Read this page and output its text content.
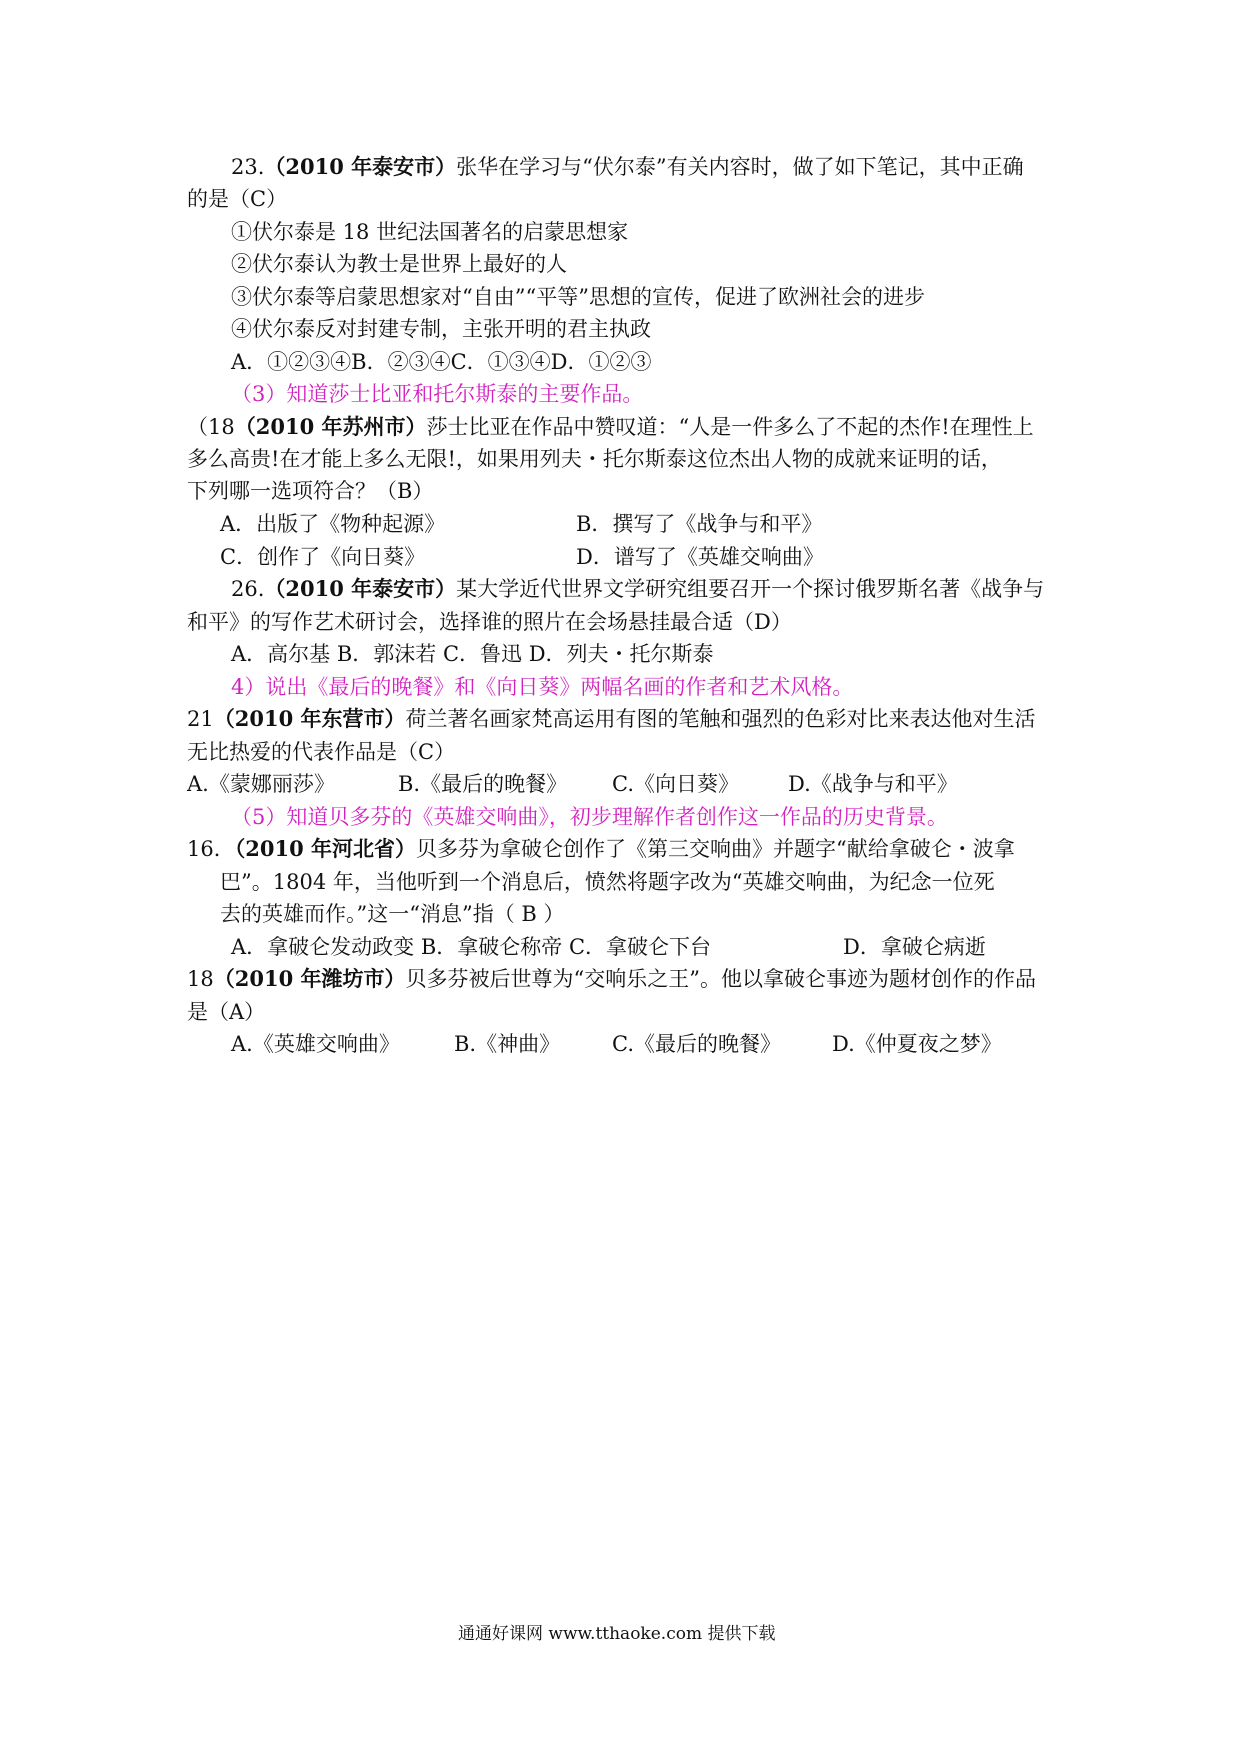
23.（2010 年泰安市）张华在学习与“伏尔泰”有关内容时，做了如下笔记，其中正确
的是（C）
①伏尔泰是 18 世纪法国著名的启蒙思想家
②伏尔泰认为教士是世界上最好的人
③伏尔泰等启蒙思想家对“自由”“平等”思想的宣传，促进了欧洲社会的进步
④伏尔泰反对封建专制，主张开明的君主执政
A．①②③④B．②③④C．①③④D．①②③
（3）知道莎士比亚和托尔斯泰的主要作品。
（18（2010 年苏州市）莎士比亚在作品中赞叹道：“人是一件多么了不起的杰作!在理性上
多么高贵!在才能上多么无限!，如果用列夫・托尔斯泰这位杰出人物的成就来证明的话，
下列哪一选项符合？（B）
A．出版了《物种起源》	B．撰写了《战争与和平》
C．创作了《向日葵》	D．谱写了《英雄交响曲》
26.（2010 年泰安市）某大学近代世界文学研究组要召开一个探讨俄罗斯名著《战争与
和平》的写作艺术研讨会，选择谁的照片在会场悬挂最合适（D）
A．高尔基 B．郭沫若 C．鲁迅 D．列夫・托尔斯泰
4）说出《最后的晚餐》和《向日葵》两幅名画的作者和艺术风格。
21（2010 年东营市）荷兰著名画家梵高运用有图的笔触和强烈的色彩对比来表达他对生活
无比热爱的代表作品是（C）
A.《蒙娜丽莎》	B.《最后的晚餐》 C.《向日葵》 D.《战争与和平》
（5）知道贝多芬的《英雄交响曲》，初步理解作者创作这一作品的历史背景。
16．（2010 年河北省）贝多芬为拿破仑创作了《第三交响曲》并题字“献给拿破仑・波拿
巴”。1804 年，当他听到一个消息后，愤然将题字改为“英雄交响曲，为纪念一位死
去的英雄而作。”这一“消息”指（ B ）
A．拿破仑发动政变 B．拿破仑称帝 C．拿破仑下台	D．拿破仑病逝
18（2010 年潍坊市）贝多芬被后世尊为“交响乐之王”。他以拿破仑事迹为题材创作的作品
是（A）
A.《英雄交响曲》	B.《神曲》 C.《最后的晚餐》 D.《仲夏夜之梦》
通通好课网 www.tthaoke.com 提供下载
